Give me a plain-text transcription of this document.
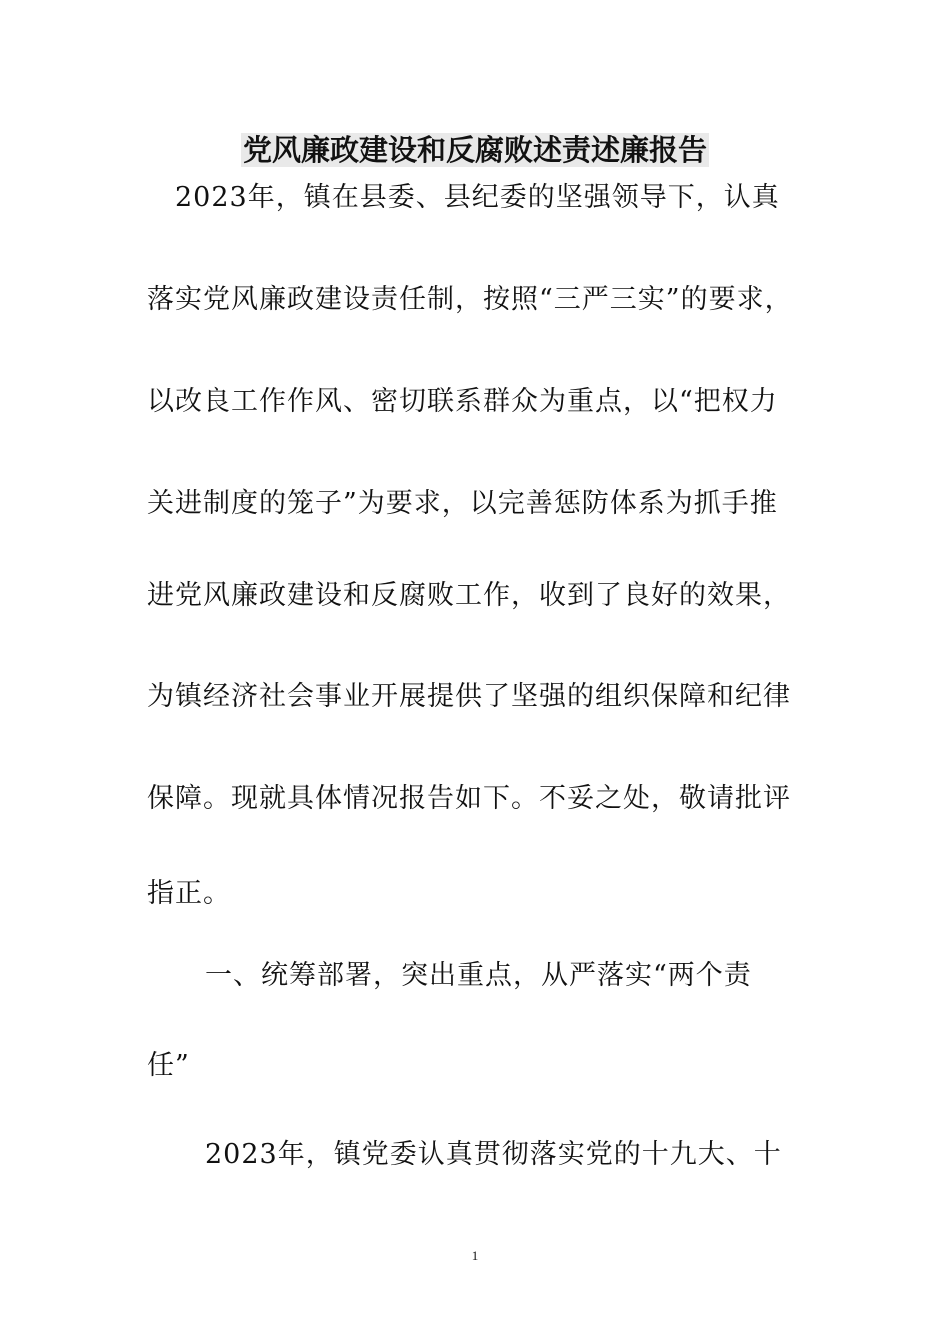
党风廉政建设和反腐败述责述廉报告
2023年，镇在县委、县纪委的坚强领导下，认真
落实党风廉政建设责任制，按照“三严三实”的要求，
以改良工作作风、密切联系群众为重点，以“把权力
关进制度的笼子”为要求，以完善惩防体系为抓手推
进党风廉政建设和反腐败工作，收到了良好的效果，
为镇经济社会事业开展提供了坚强的组织保障和纪律
保障。现就具体情况报告如下。不妥之处，敬请批评
指正。
一、统筹部署，突出重点，从严落实“两个责
任”
2023年，镇党委认真贯彻落实党的十九大、十
1
